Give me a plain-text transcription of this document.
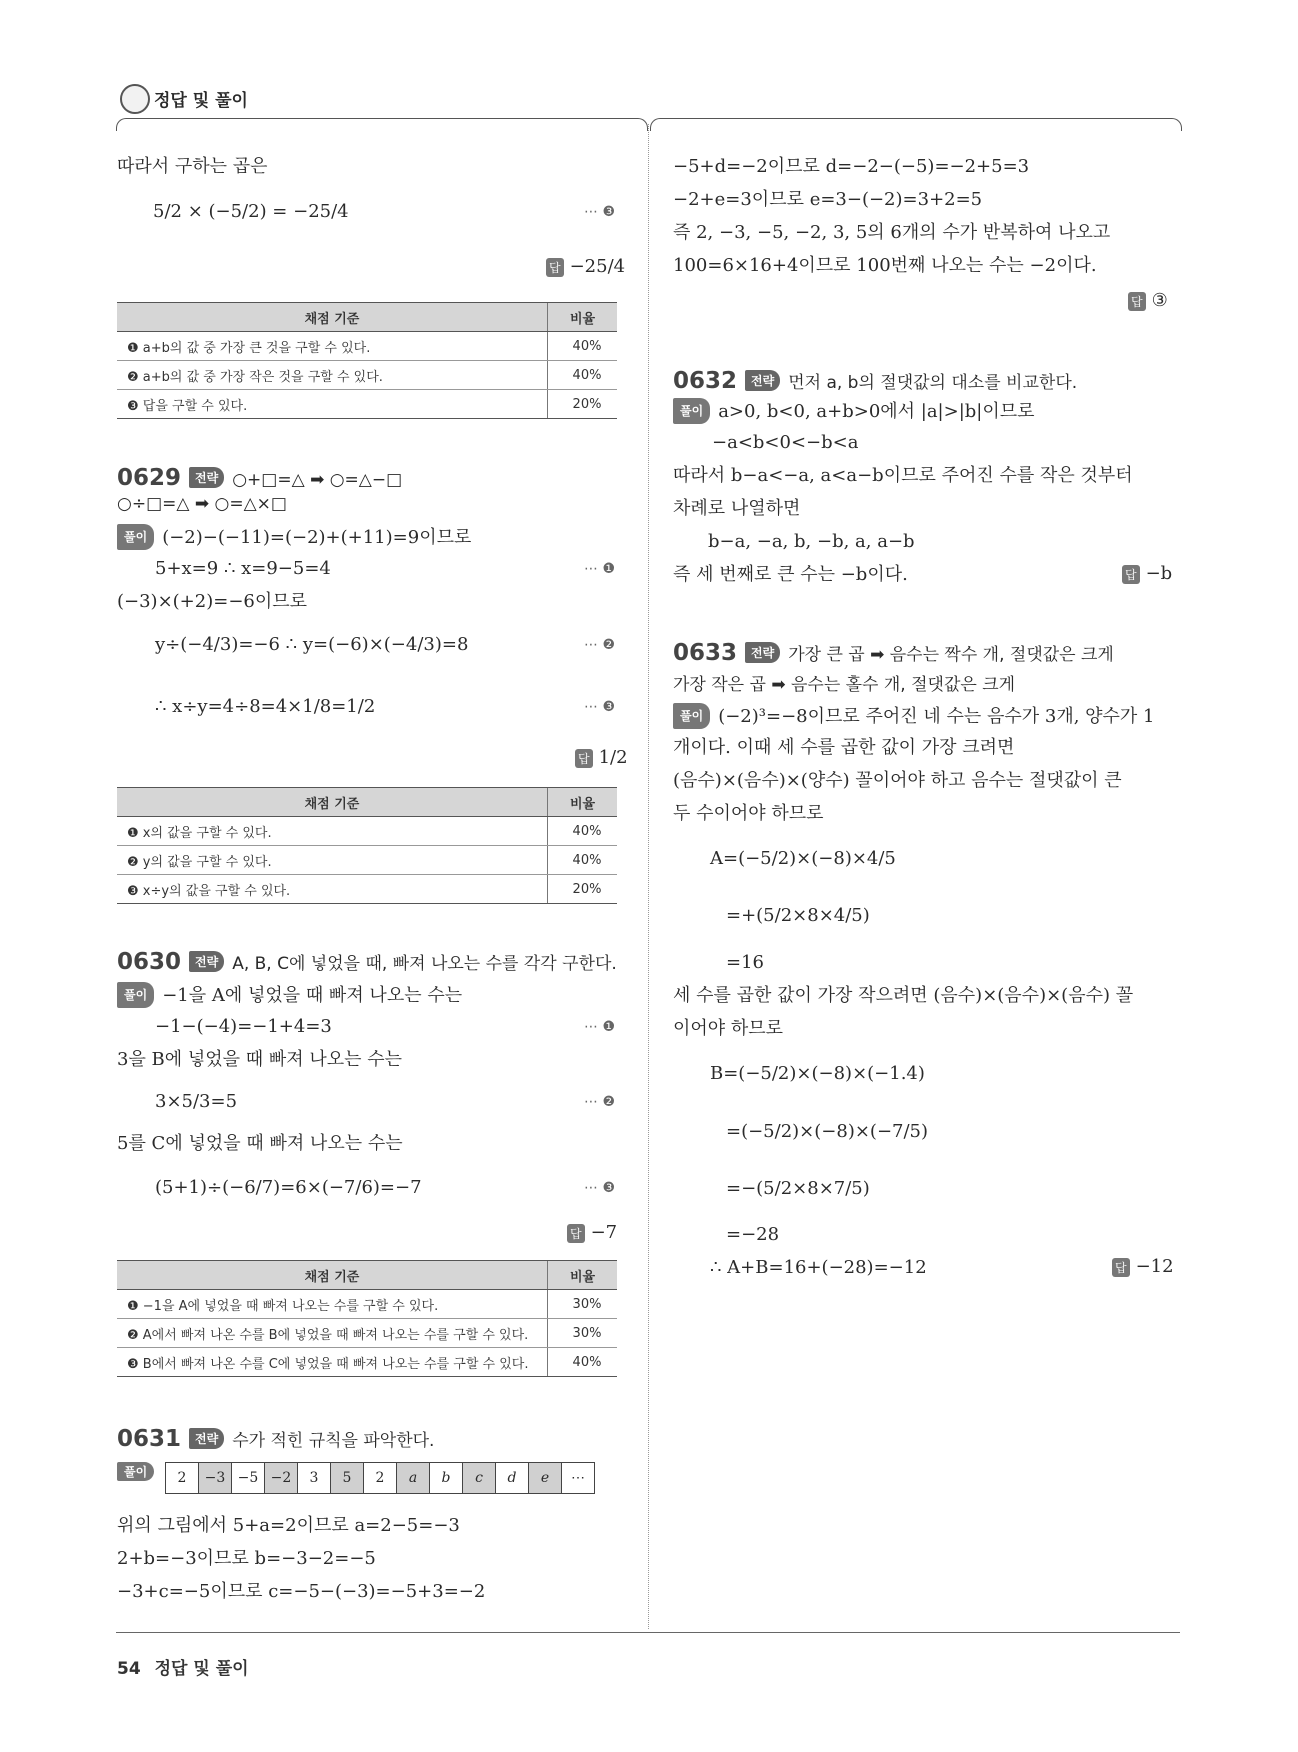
정답 및 풀이
따라서 구하는 곱은
5/2 × (−5/2) = −25/4	⋯ ❸
답 −25/4
채점 기준	비율
❶ a+b의 값 중 가장 큰 것을 구할 수 있다.	40%
❷ a+b의 값 중 가장 작은 것을 구할 수 있다.	40%
❸ 답을 구할 수 있다.	20%
0629 전략 ○+□=△ ➡ ○=△−□
○÷□=△ ➡ ○=△×□
풀이 (−2)−(−11)=(−2)+(+11)=9이므로
5+x=9 ∴ x=9−5=4	⋯ ❶
(−3)×(+2)=−6이므로
y÷(−4/3)=−6 ∴ y=(−6)×(−4/3)=8	⋯ ❷
∴ x÷y=4÷8=4×1/8=1/2	⋯ ❸
답 1/2
채점 기준	비율
❶ x의 값을 구할 수 있다.	40%
❷ y의 값을 구할 수 있다.	40%
❸ x÷y의 값을 구할 수 있다.	20%
0630 전략 A, B, C에 넣었을 때, 빠져 나오는 수를 각각 구한다.
풀이 −1을 A에 넣었을 때 빠져 나오는 수는
−1−(−4)=−1+4=3	⋯ ❶
3을 B에 넣었을 때 빠져 나오는 수는
3×5/3=5	⋯ ❷
5를 C에 넣었을 때 빠져 나오는 수는
(5+1)÷(−6/7)=6×(−7/6)=−7	⋯ ❸
답 −7
채점 기준	비율
❶ −1을 A에 넣었을 때 빠져 나오는 수를 구할 수 있다.	30%
❷ A에서 빠져 나온 수를 B에 넣었을 때 빠져 나오는 수를 구할 수 있다.	30%
❸ B에서 빠져 나온 수를 C에 넣었을 때 빠져 나오는 수를 구할 수 있다.	40%
0631 전략 수가 적힌 규칙을 파악한다.
풀이	2	−3	−5	−2	3	5	2	a	b	c	d	e	⋯
위의 그림에서 5+a=2이므로 a=2−5=−3
2+b=−3이므로 b=−3−2=−5
−3+c=−5이므로 c=−5−(−3)=−5+3=−2
−5+d=−2이므로 d=−2−(−5)=−2+5=3
−2+e=3이므로 e=3−(−2)=3+2=5
즉 2, −3, −5, −2, 3, 5의 6개의 수가 반복하여 나오고
100=6×16+4이므로 100번째 나오는 수는 −2이다.
답 ③
0632 전략 먼저 a, b의 절댓값의 대소를 비교한다.
풀이 a>0, b<0, a+b>0에서 |a|>|b|이므로
−a<b<0<−b<a
따라서 b−a<−a, a<a−b이므로 주어진 수를 작은 것부터
차례로 나열하면
b−a, −a, b, −b, a, a−b
즉 세 번째로 큰 수는 −b이다.	답 −b
0633 전략 가장 큰 곱 ➡ 음수는 짝수 개, 절댓값은 크게
가장 작은 곱 ➡ 음수는 홀수 개, 절댓값은 크게
풀이 (−2)³=−8이므로 주어진 네 수는 음수가 3개, 양수가 1
개이다. 이때 세 수를 곱한 값이 가장 크려면
(음수)×(음수)×(양수) 꼴이어야 하고 음수는 절댓값이 큰
두 수이어야 하므로
A=(−5/2)×(−8)×4/5
=+(5/2×8×4/5)
=16
세 수를 곱한 값이 가장 작으려면 (음수)×(음수)×(음수) 꼴
이어야 하므로
B=(−5/2)×(−8)×(−1.4)
=(−5/2)×(−8)×(−7/5)
=−(5/2×8×7/5)
=−28
∴ A+B=16+(−28)=−12	답 −12
54 정답 및 풀이
